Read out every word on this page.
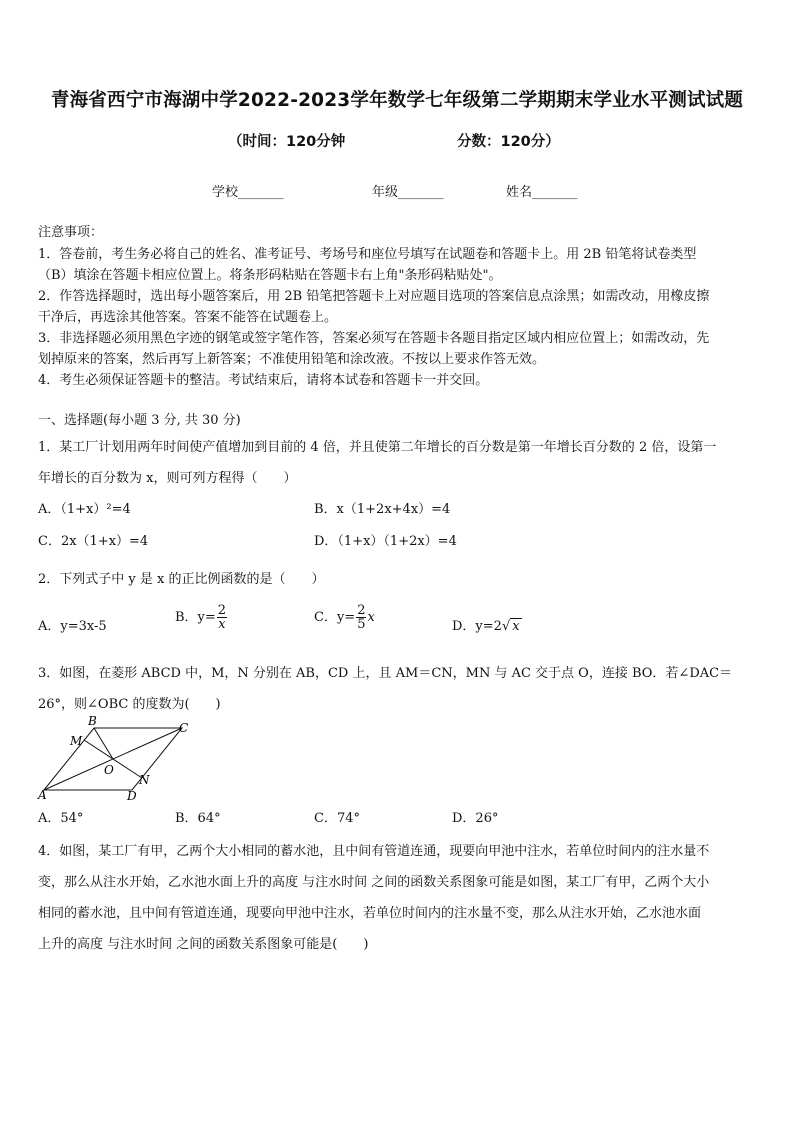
青海省西宁市海湖中学2022-2023学年数学七年级第二学期期末学业水平测试试题
（时间：120分钟	分数：120分）
学校_______	年级_______	姓名_______
注意事项：
1．答卷前，考生务必将自己的姓名、准考证号、考场号和座位号填写在试题卷和答题卡上。用 2B 铅笔将试卷类型
（B）填涂在答题卡相应位置上。将条形码粘贴在答题卡右上角"条形码粘贴处"。
2．作答选择题时，选出每小题答案后，用 2B 铅笔把答题卡上对应题目选项的答案信息点涂黑；如需改动，用橡皮擦
干净后，再选涂其他答案。答案不能答在试题卷上。
3．非选择题必须用黑色字迹的钢笔或签字笔作答，答案必须写在答题卡各题目指定区域内相应位置上；如需改动，先
划掉原来的答案，然后再写上新答案；不准使用铅笔和涂改液。不按以上要求作答无效。
4．考生必须保证答题卡的整洁。考试结束后，请将本试卷和答题卡一并交回。
一、选择题(每小题 3 分, 共 30 分)
1．某工厂计划用两年时间使产值增加到目前的 4 倍，并且使第二年增长的百分数是第一年增长百分数的 2 倍，设第一
年增长的百分数为 x，则可列方程得（　　）
A．（1+x）²=4	B．x（1+2x+4x）=4
C．2x（1+x）=4	D．（1+x）（1+2x）=4
2．下列式子中 y 是 x 的正比例函数的是（　　）
A．y=3x-5
B．$y= \frac{2}{x}$	C．$y= \frac{2}{5}$ x
D．y=2√ x
3．如图，在菱形 ABCD 中，M，N 分别在 AB，CD 上，且 AM＝CN，MN 与 AC 交于点 O，连接 BO．若∠DAC＝
26°，则∠OBC 的度数为(　　)
A
B	C
D
M
N
O
A．54°	B．64°	C．74°	D．26°
4．如图，某工厂有甲，乙两个大小相同的蓄水池，且中间有管道连通，现要向甲池中注水，若单位时间内的注水量不
变，那么从注水开始，乙水池水面上升的高度 与注水时间 之间的函数关系图象可能是如图，某工厂有甲，乙两个大小
相同的蓄水池，且中间有管道连通，现要向甲池中注水，若单位时间内的注水量不变，那么从注水开始，乙水池水面
上升的高度 与注水时间 之间的函数关系图象可能是(　　)
